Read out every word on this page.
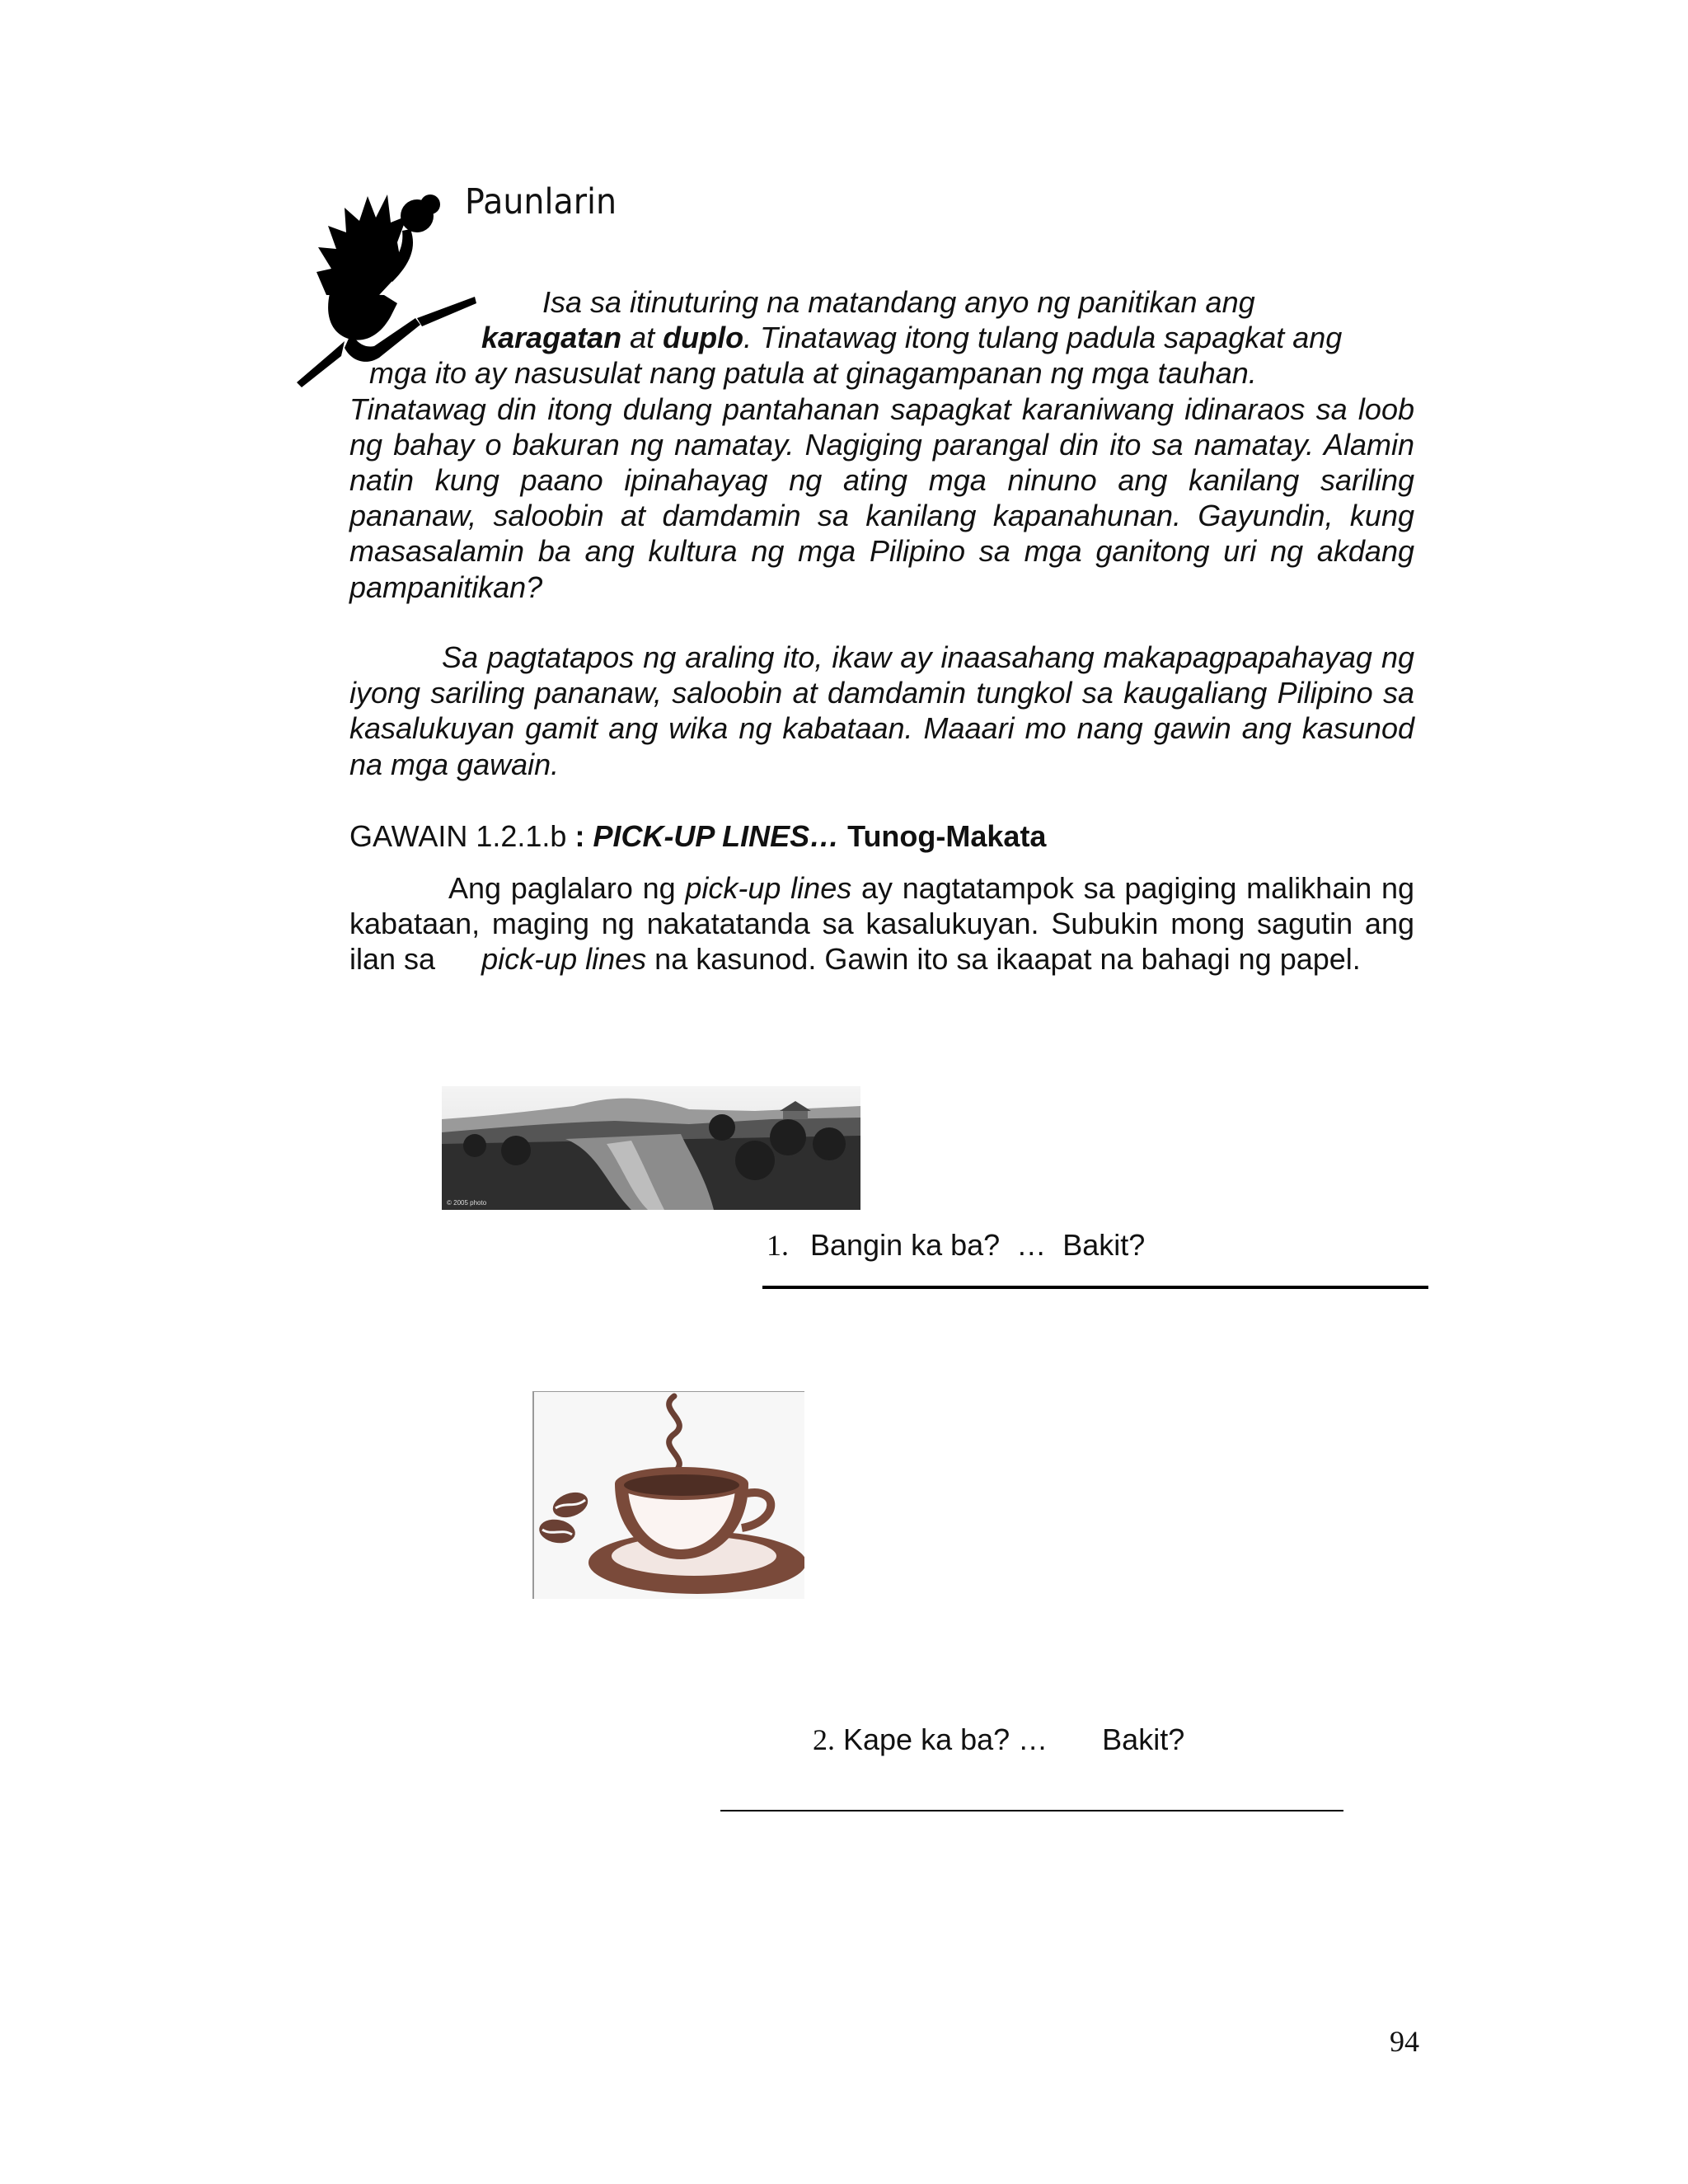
Paunlarin
Isa sa itinuturing na matandang anyo ng panitikan ang
karagatan at duplo. Tinatawag itong tulang padula sapagkat ang
mga ito ay nasusulat nang patula at ginagampanan ng mga tauhan.
Tinatawag din itong dulang pantahanan sapagkat karaniwang idinaraos sa loob ng bahay o bakuran ng namatay. Nagiging parangal din ito sa namatay. Alamin natin kung paano ipinahayag ng ating mga ninuno ang kanilang sariling pananaw, saloobin at damdamin sa kanilang kapanahunan. Gayundin, kung masasalamin ba ang kultura ng mga Pilipino sa mga ganitong uri ng akdang pampanitikan?
Sa pagtatapos ng araling ito, ikaw ay inaasahang makapagpapahayag ng iyong sariling pananaw, saloobin at damdamin tungkol sa kaugaliang Pilipino sa kasalukuyan gamit ang wika ng kabataan. Maaari mo nang gawin ang kasunod na mga gawain.
GAWAIN 1.2.1.b : PICK-UP LINES… Tunog-Makata
Ang paglalaro ng pick-up lines ay nagtatampok sa pagiging malikhain ng kabataan, maging ng nakatatanda sa kasalukuyan. Subukin mong sagutin ang ilan sa pick-up lines na kasunod. Gawin ito sa ikaapat na bahagi ng papel.
© 2005 photo
1. Bangin ka ba? … Bakit?
2. Kape ka ba? … Bakit?
94
